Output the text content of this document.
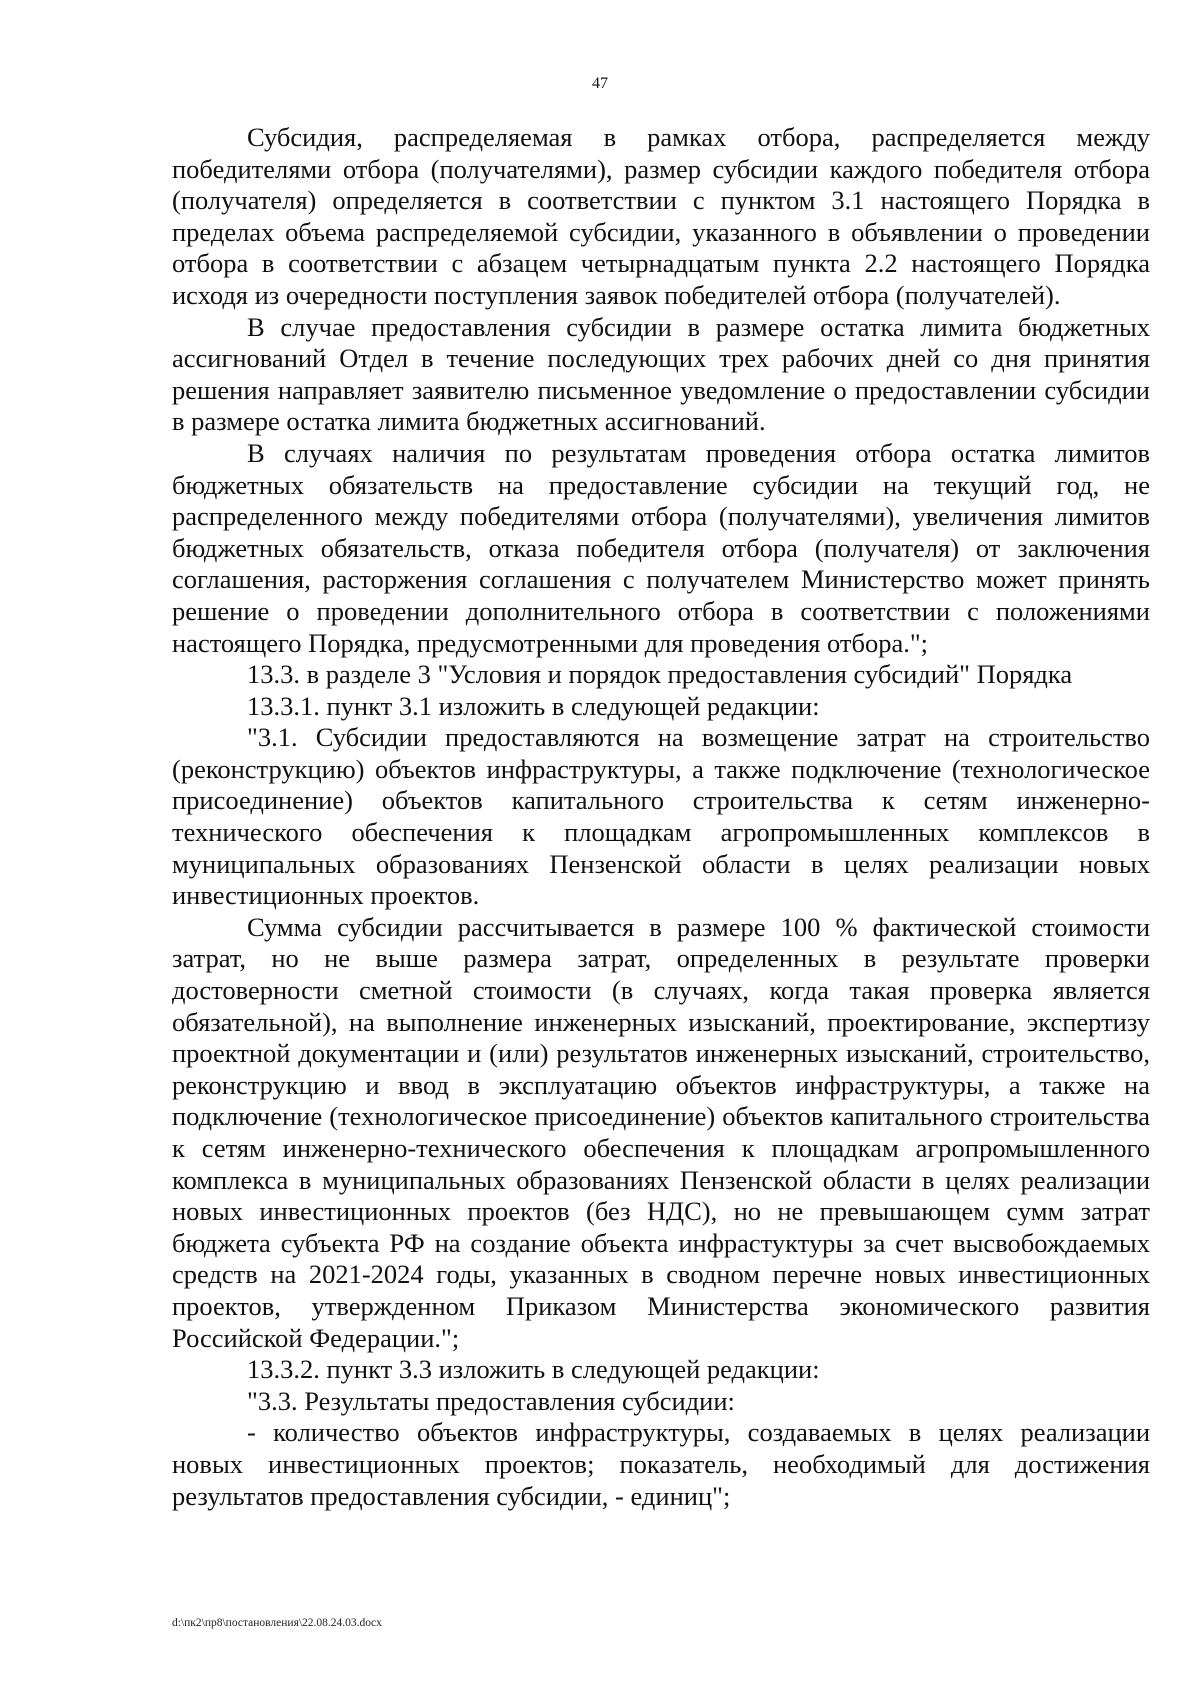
47

Субсидия, распределяемая в рамках отбора, распределяется между победителями отбора (получателями), размер субсидии каждого победителя отбора (получателя) определяется в соответствии с пунктом 3.1 настоящего Порядка в пределах объема распределяемой субсидии, указанного в объявлении о проведении отбора в соответствии с абзацем четырнадцатым пункта 2.2 настоящего Порядка исходя из очередности поступления заявок победителей отбора (получателей).

В случае предоставления субсидии в размере остатка лимита бюджетных ассигнований Отдел в течение последующих трех рабочих дней со дня принятия решения направляет заявителю письменное уведомление о предоставлении субсидии в размере остатка лимита бюджетных ассигнований.

В случаях наличия по результатам проведения отбора остатка лимитов бюджетных обязательств на предоставление субсидии на текущий год, не распределенного между победителями отбора (получателями), увеличения лимитов бюджетных обязательств, отказа победителя отбора (получателя) от заключения соглашения, расторжения соглашения с получателем Министерство может принять решение о проведении дополнительного отбора в соответствии с положениями настоящего Порядка, предусмотренными для проведения отбора.";

13.3. в разделе 3 "Условия и порядок предоставления субсидий" Порядка

13.3.1. пункт 3.1 изложить в следующей редакции:

"3.1. Субсидии предоставляются на возмещение затрат на строительство (реконструкцию) объектов инфраструктуры, а также подключение (технологическое присоединение) объектов капитального строительства к сетям инженерно-технического обеспечения к площадкам агропромышленных комплексов в муниципальных образованиях Пензенской области в целях реализации новых инвестиционных проектов.

Сумма субсидии рассчитывается в размере 100 % фактической стоимости затрат, но не выше размера затрат, определенных в результате проверки достоверности сметной стоимости (в случаях, когда такая проверка является обязательной), на выполнение инженерных изысканий, проектирование, экспертизу проектной документации и (или) результатов инженерных изысканий, строительство, реконструкцию и ввод в эксплуатацию объектов инфраструктуры, а также на подключение (технологическое присоединение) объектов капитального строительства к сетям инженерно-технического обеспечения к площадкам агропромышленного комплекса в муниципальных образованиях Пензенской области в целях реализации новых инвестиционных проектов (без НДС), но не превышающем сумм затрат бюджета субъекта РФ на создание объекта инфрастуктуры за счет высвобождаемых средств на 2021-2024 годы, указанных в сводном перечне новых инвестиционных проектов, утвержденном Приказом Министерства экономического развития Российской Федерации.";

13.3.2. пункт 3.3 изложить в следующей редакции:

"3.3. Результаты предоставления субсидии:

- количество объектов инфраструктуры, создаваемых в целях реализации новых инвестиционных проектов; показатель, необходимый для достижения результатов предоставления субсидии, - единиц";

d:\пк2\пр8\постановления\22.08.24.03.docx
